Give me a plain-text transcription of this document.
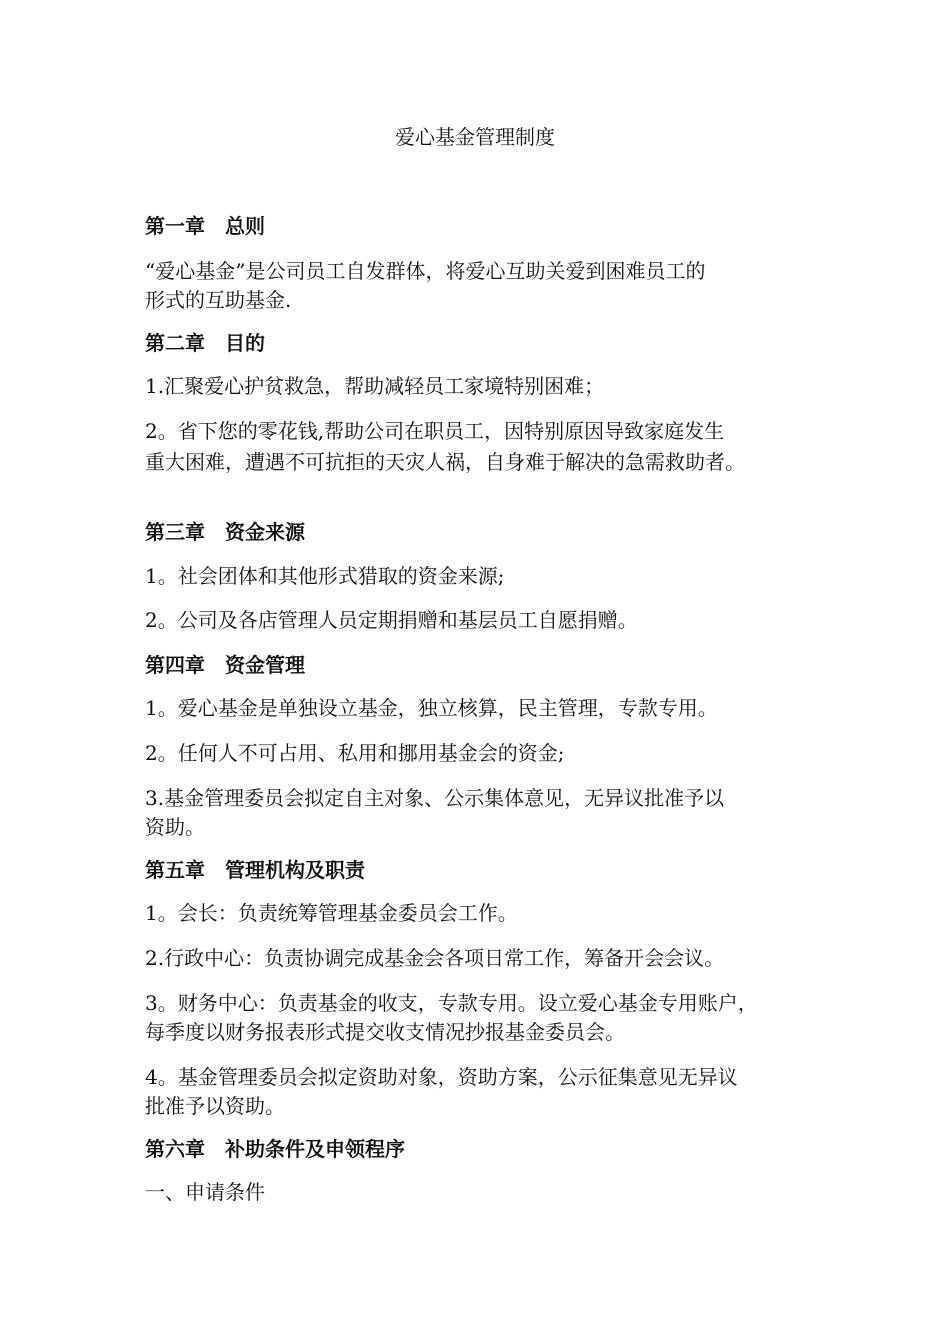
爱心基金管理制度
第一章　总则
“爱心基金”是公司员工自发群体，将爱心互助关爱到困难员工的
形式的互助基金.
第二章　目的
1.汇聚爱心护贫救急，帮助减轻员工家境特别困难；
2。省下您的零花钱,帮助公司在职员工，因特别原因导致家庭发生
重大困难，遭遇不可抗拒的天灾人祸，自身难于解决的急需救助者。
第三章　资金来源
1。社会团体和其他形式猎取的资金来源;
2。公司及各店管理人员定期捐赠和基层员工自愿捐赠。
第四章　资金管理
1。爱心基金是单独设立基金，独立核算，民主管理，专款专用。
2。任何人不可占用、私用和挪用基金会的资金;
3.基金管理委员会拟定自主对象、公示集体意见，无异议批准予以
资助。
第五章　管理机构及职责
1。会长：负责统筹管理基金委员会工作。
2.行政中心：负责协调完成基金会各项日常工作，筹备开会会议。
3。财务中心：负责基金的收支，专款专用。设立爱心基金专用账户，
每季度以财务报表形式提交收支情况抄报基金委员会。
4。基金管理委员会拟定资助对象，资助方案，公示征集意见无异议
批准予以资助。
第六章　补助条件及申领程序
一、申请条件
